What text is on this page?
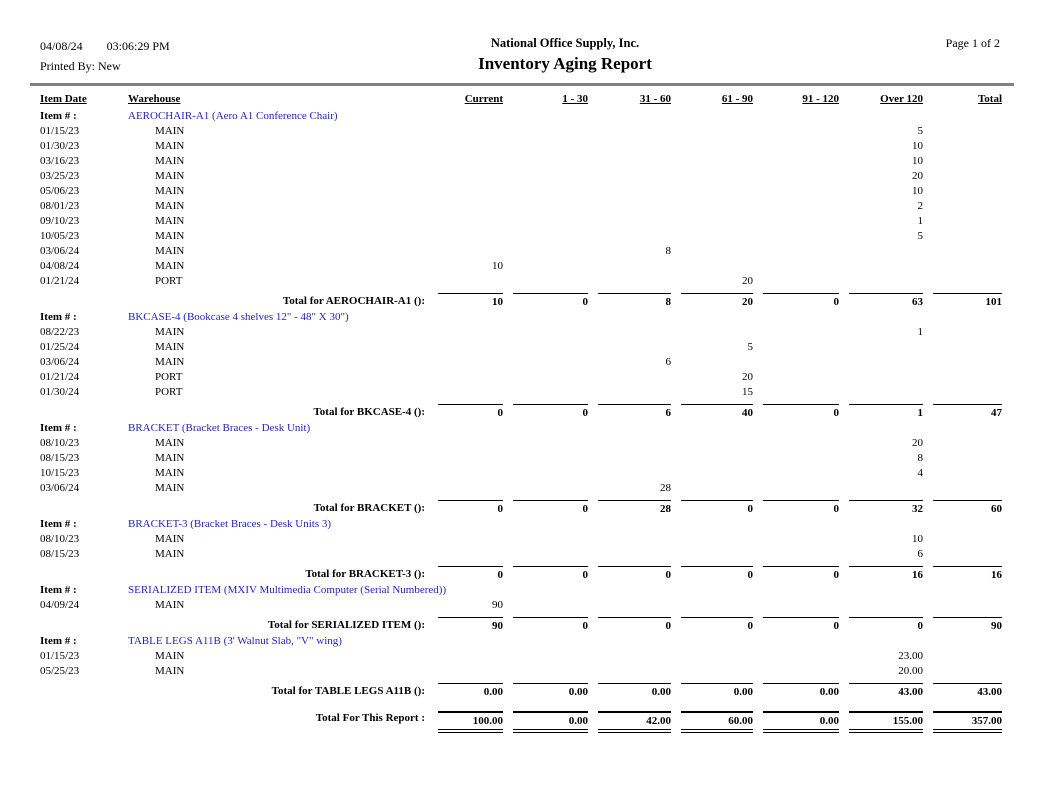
04/08/24 03:06:29 PM
Printed By: New
National Office Supply, Inc.
Inventory Aging Report
Page 1 of 2
Item Date	Warehouse	Current	1 - 30	31 - 60	61 - 90	91 - 120	Over 120	Total
Item # :	AEROCHAIR-A1 (Aero A1 Conference Chair)							
01/15/23	MAIN						5	
01/30/23	MAIN						10	
03/16/23	MAIN						10	
03/25/23	MAIN						20	
05/06/23	MAIN						10	
08/01/23	MAIN						2	
09/10/23	MAIN						1	
10/05/23	MAIN						5	
03/06/24	MAIN			8				
04/08/24	MAIN	10						
01/21/24	PORT				20			
Total for AEROCHAIR-A1 ():		10	0	8	20	0	63	101

Item # :	BKCASE-4 (Bookcase 4 shelves 12" - 48" X 30")							
08/22/23	MAIN						1	
01/25/24	MAIN				5			
03/06/24	MAIN			6				
01/21/24	PORT				20			
01/30/24	PORT				15			
Total for BKCASE-4 ():		0	0	6	40	0	1	47

Item # :	BRACKET (Bracket Braces - Desk Unit)							
08/10/23	MAIN						20	
08/15/23	MAIN						8	
10/15/23	MAIN						4	
03/06/24	MAIN			28				
Total for BRACKET ():		0	0	28	0	0	32	60

Item # :	BRACKET-3 (Bracket Braces - Desk Units 3)							
08/10/23	MAIN						10	
08/15/23	MAIN						6	
Total for BRACKET-3 ():		0	0	0	0	0	16	16

Item # :	SERIALIZED ITEM (MXIV Multimedia Computer (Serial Numbered))							
04/09/24	MAIN	90						
Total for SERIALIZED ITEM ():		90	0	0	0	0	0	90

Item # :	TABLE LEGS A11B (3' Walnut Slab, "V" wing)							
01/15/23	MAIN						23.00	
05/25/23	MAIN						20.00	
Total for TABLE LEGS A11B ():		0.00	0.00	0.00	0.00	0.00	43.00	43.00

Total For This Report :		100.00	0.00	42.00	60.00	0.00	155.00	357.00
